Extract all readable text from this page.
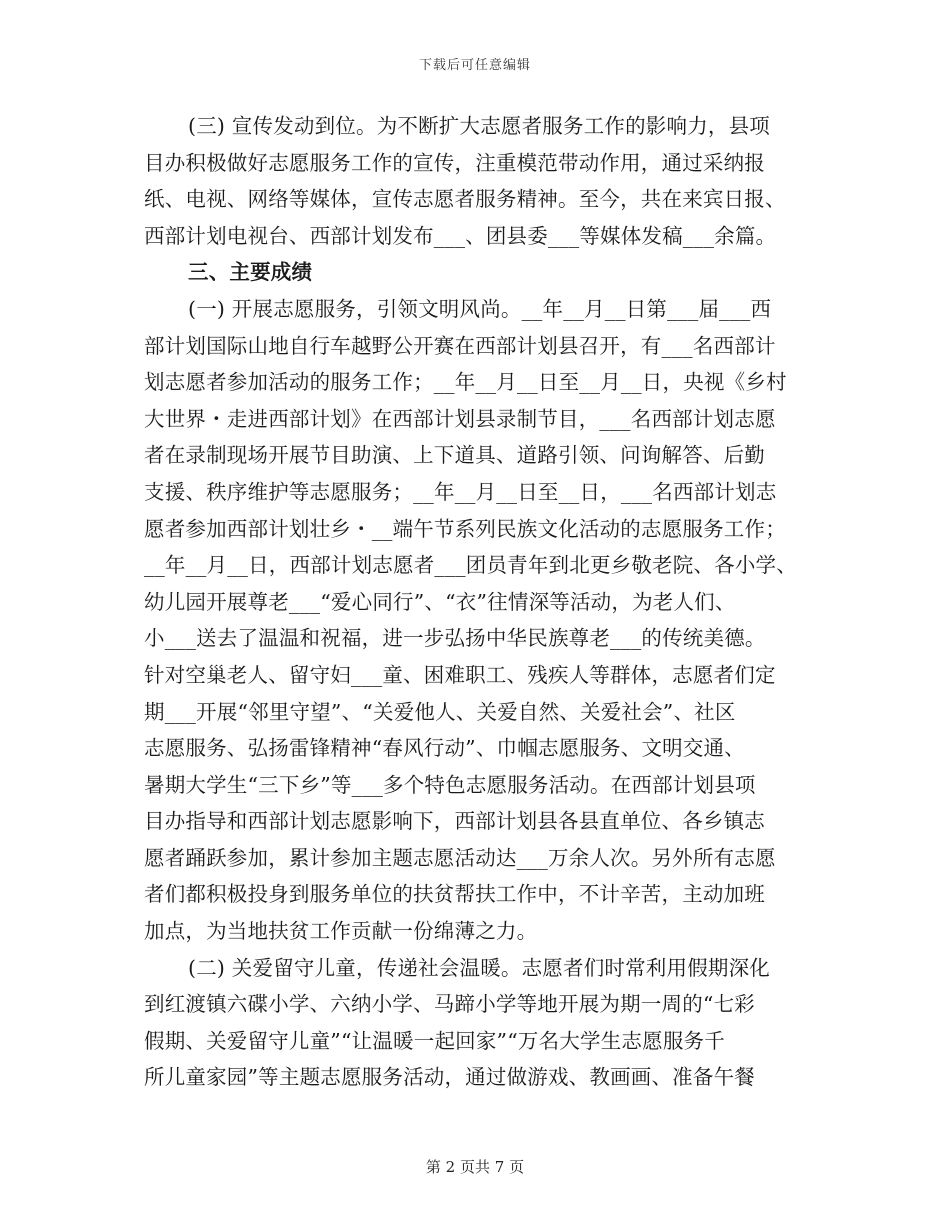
下载后可任意编辑
(三) 宣传发动到位。为不断扩大志愿者服务工作的影响力，县项
目办积极做好志愿服务工作的宣传，注重模范带动作用，通过采纳报
纸、电视、网络等媒体，宣传志愿者服务精神。至今，共在来宾日报、
西部计划电视台、西部计划发布___、团县委___等媒体发稿___余篇。
三、主要成绩
(一) 开展志愿服务，引领文明风尚。__年__月__日第___届___西
部计划国际山地自行车越野公开赛在西部计划县召开，有___名西部计
划志愿者参加活动的服务工作；__年__月__日至__月__日，央视《乡村
大世界・走进西部计划》在西部计划县录制节目，___名西部计划志愿
者在录制现场开展节目助演、上下道具、道路引领、问询解答、后勤
支援、秩序维护等志愿服务；__年__月__日至__日，___名西部计划志
愿者参加西部计划壮乡・__端午节系列民族文化活动的志愿服务工作；
__年__月__日，西部计划志愿者___团员青年到北更乡敬老院、各小学、
幼儿园开展尊老___“爱心同行”、“衣”往情深等活动，为老人们、
小___送去了温温和祝福，进一步弘扬中华民族尊老___的传统美德。
针对空巢老人、留守妇___童、困难职工、残疾人等群体，志愿者们定
期___开展“邻里守望”、“关爱他人、关爱自然、关爱社会”、社区
志愿服务、弘扬雷锋精神“春风行动”、巾帼志愿服务、文明交通、
暑期大学生“三下乡”等___多个特色志愿服务活动。在西部计划县项
目办指导和西部计划志愿影响下，西部计划县各县直单位、各乡镇志
愿者踊跃参加，累计参加主题志愿活动达___万余人次。另外所有志愿
者们都积极投身到服务单位的扶贫帮扶工作中，不计辛苦，主动加班
加点，为当地扶贫工作贡献一份绵薄之力。
(二) 关爱留守儿童，传递社会温暖。志愿者们时常利用假期深化
到红渡镇六碟小学、六纳小学、马蹄小学等地开展为期一周的“七彩
假期、关爱留守儿童”“让温暖一起回家”“万名大学生志愿服务千
所儿童家园”等主题志愿服务活动，通过做游戏、教画画、准备午餐
第 2 页共 7 页
